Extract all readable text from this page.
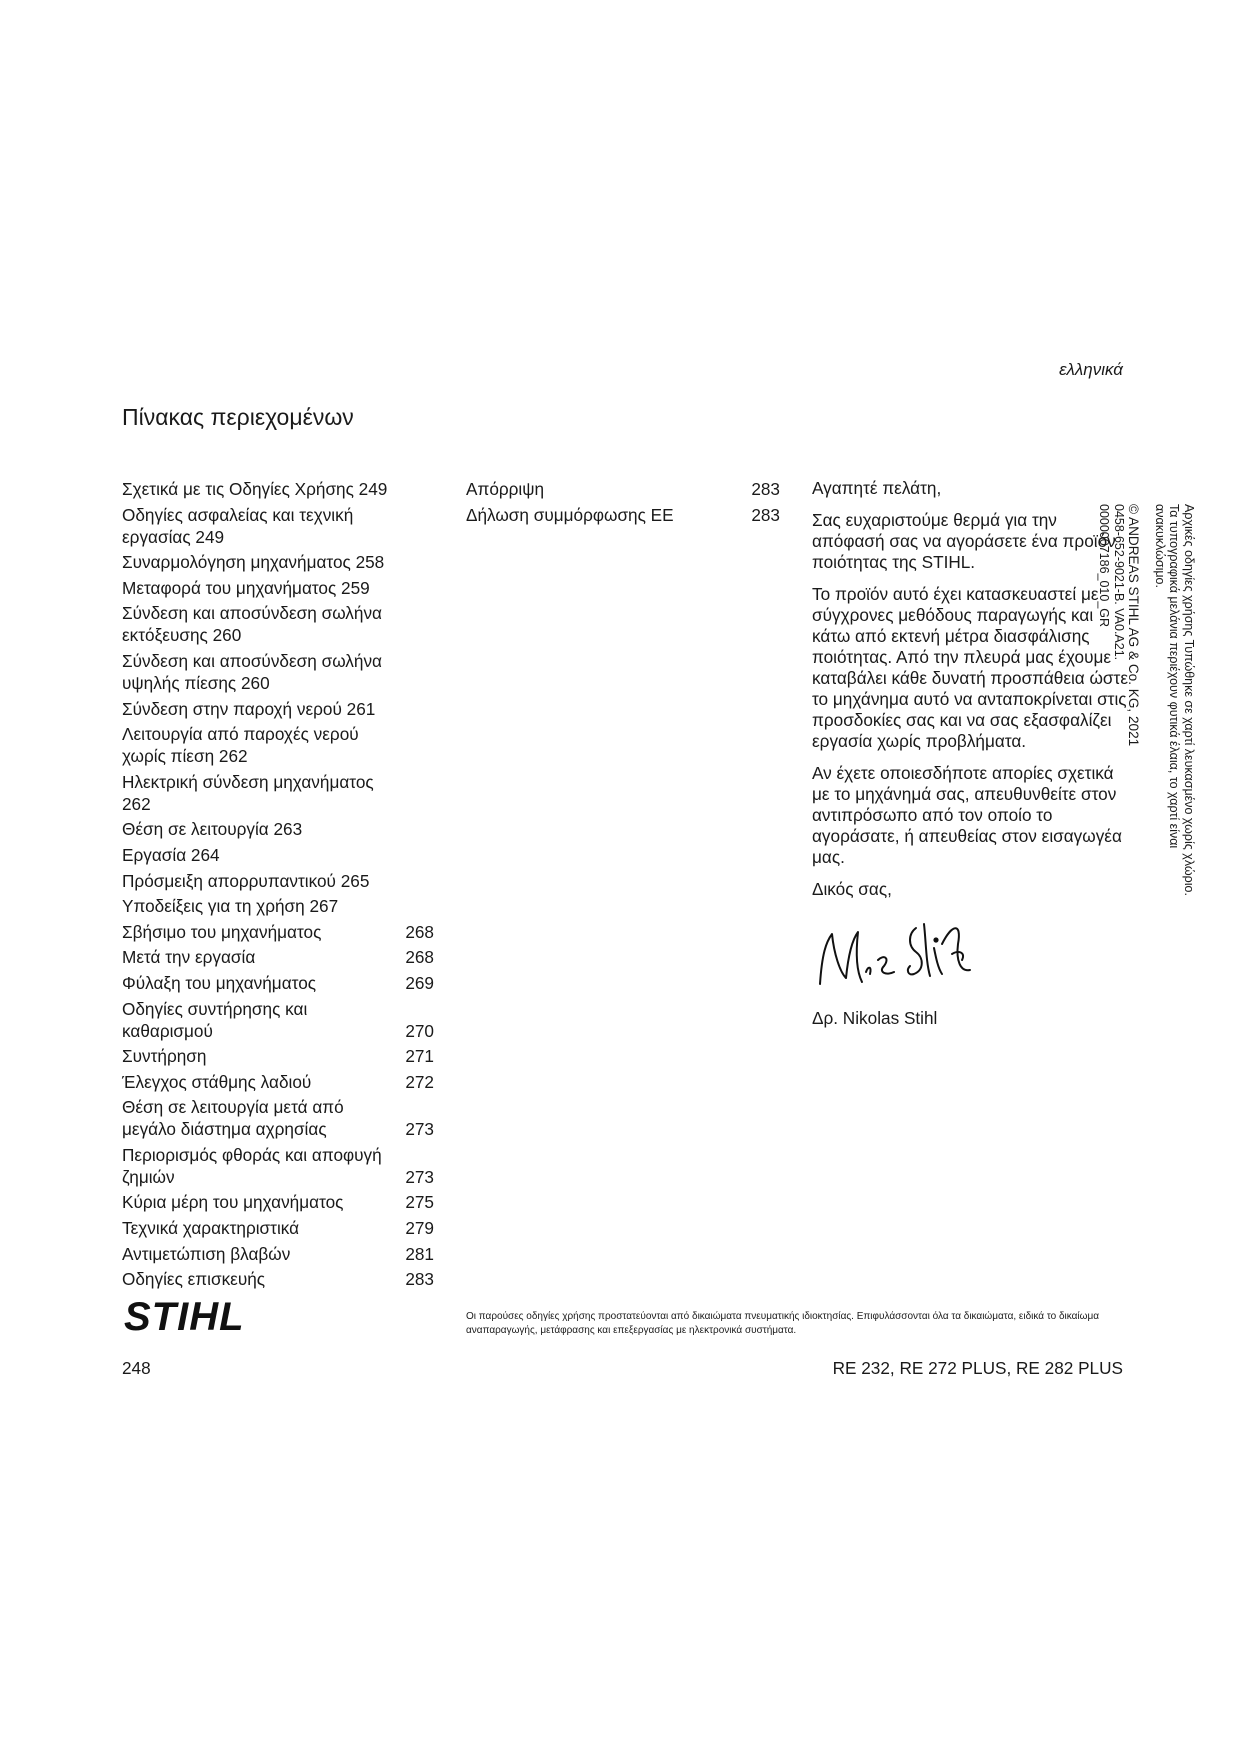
ελληνικά
Πίνακας περιεχομένων
Σχετικά με τις Οδηγίες Χρήσης 249
Οδηγίες ασφαλείας και τεχνική εργασίας 249
Συναρμολόγηση μηχανήματος 258
Μεταφορά του μηχανήματος 259
Σύνδεση και αποσύνδεση σωλήνα εκτόξευσης 260
Σύνδεση και αποσύνδεση σωλήνα υψηλής πίεσης 260
Σύνδεση στην παροχή νερού 261
Λειτουργία από παροχές νερού χωρίς πίεση 262
Ηλεκτρική σύνδεση μηχανήματος 262
Θέση σε λειτουργία 263
Εργασία 264
Πρόσμειξη απορρυπαντικού 265
Υποδείξεις για τη χρήση 267
Σβήσιμο του μηχανήματος	268
Μετά την εργασία	268
Φύλαξη του μηχανήματος	269
Οδηγίες συντήρησης και καθαρισμού	270
Συντήρηση	271
Έλεγχος στάθμης λαδιού	272
Θέση σε λειτουργία μετά από μεγάλο διάστημα αχρησίας	273
Περιορισμός φθοράς και αποφυγή ζημιών	273
Κύρια μέρη του μηχανήματος	275
Τεχνικά χαρακτηριστικά	279
Αντιμετώπιση βλαβών	281
Οδηγίες επισκευής	283
Απόρριψη	283
Δήλωση συμμόρφωσης ΕΕ	283

Αγαπητέ πελάτη,

Σας ευχαριστούμε θερμά για την απόφασή σας να αγοράσετε ένα προϊόν ποιότητας της STIHL.

Το προϊόν αυτό έχει κατασκευαστεί με σύγχρονες μεθόδους παραγωγής και κάτω από εκτενή μέτρα διασφάλισης ποιότητας. Από την πλευρά μας έχουμε καταβάλει κάθε δυνατή προσπάθεια ώστε το μηχάνημα αυτό να ανταποκρίνεται στις προσδοκίες σας και να σας εξασφαλίζει εργασία χωρίς προβλήματα.

Αν έχετε οποιεσδήποτε απορίες σχετικά με το μηχάνημά σας, απευθυνθείτε στον αντιπρόσωπο από τον οποίο το αγοράσατε, ή απευθείας στον εισαγωγέα μας.

Δικός σας,

Δρ. Nikolas Stihl

Αρχικές οδηγίες χρήσης Τυπώθηκε σε χαρτί λευκασμένο χωρίς χλώριο.
Τα τυπογραφικά μελάνια περιέχουν φυτικά έλαια, το χαρτί είναι
ανακυκλώσιμο.
© ANDREAS STIHL AG & Co. KG, 2021
0458-652-9021-B. VA0.A21.
0000007186_010_GR
STIHL	Οι παρούσες οδηγίες χρήσης προστατεύονται από δικαιώματα πνευματικής ιδιοκτησίας. Επιφυλάσσονται όλα τα δικαιώματα, ειδικά το δικαίωμα αναπαραγωγής, μετάφρασης και επεξεργασίας με ηλεκτρονικά συστήματα.
248	RE 232, RE 272 PLUS, RE 282 PLUS
